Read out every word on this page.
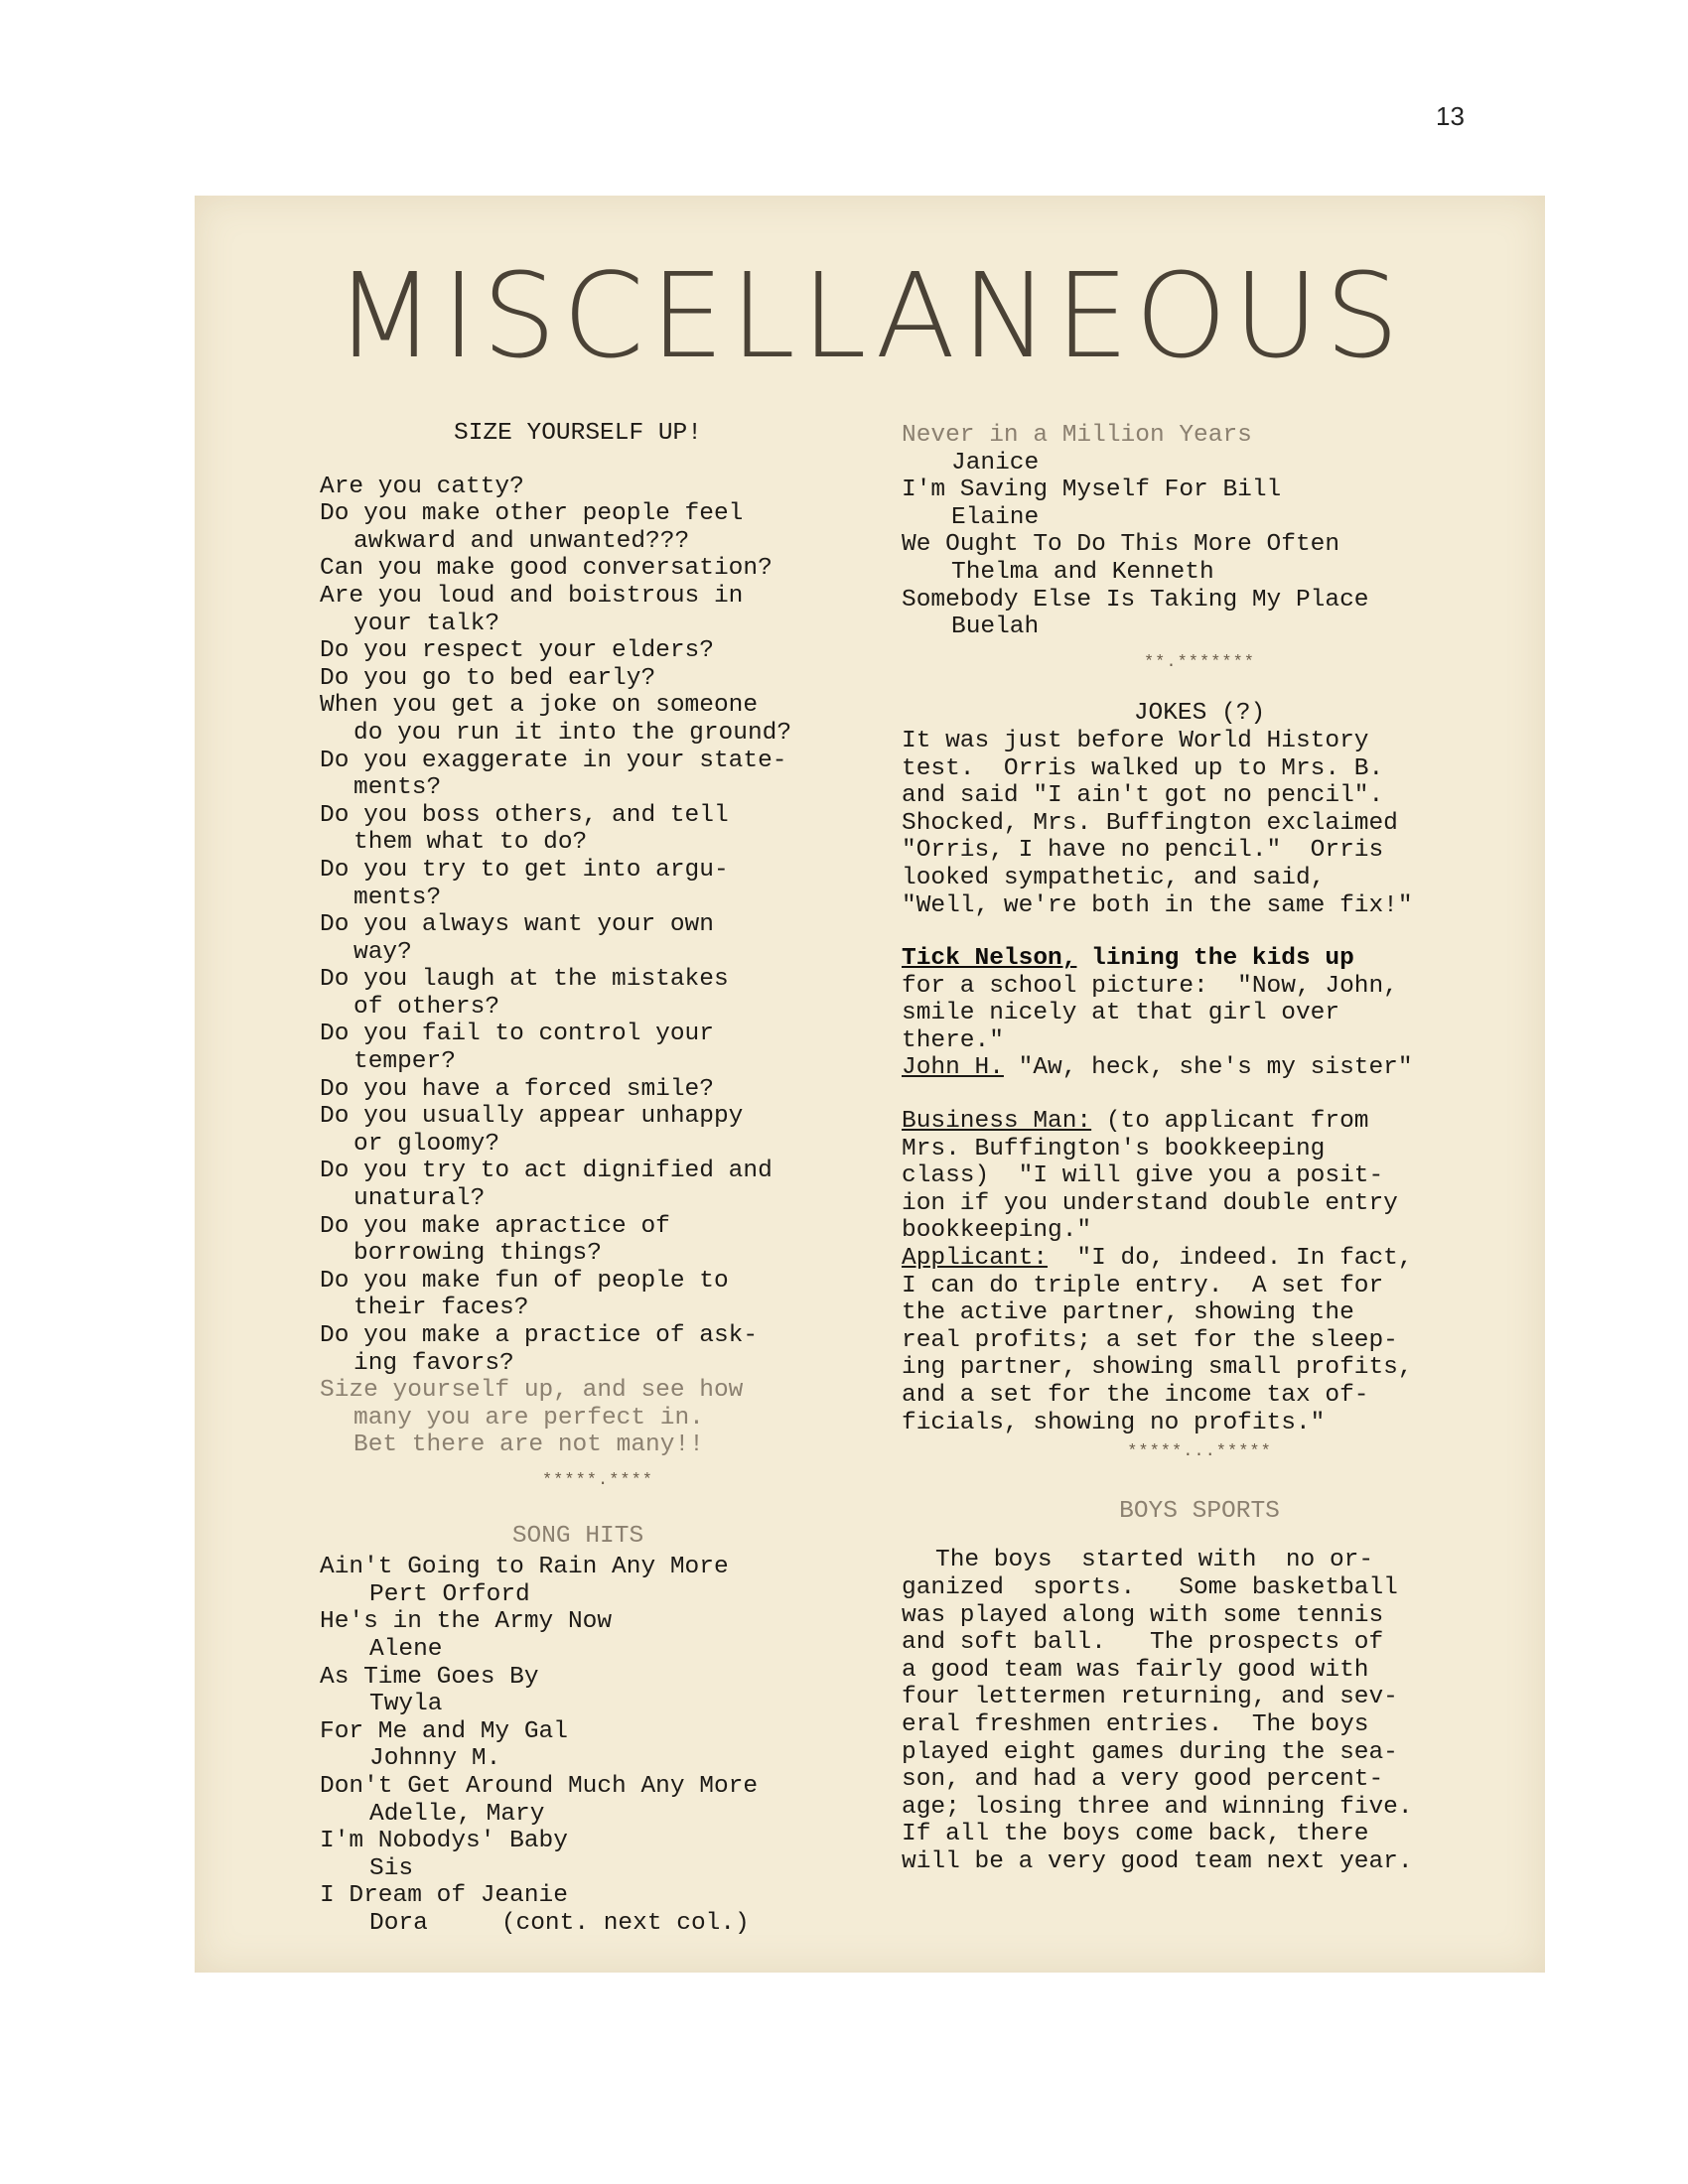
13
MISCELLANEOUS
SIZE YOURSELF UP!
Are you catty?
Do you make other people feel
awkward and unwanted???
Can you make good conversation?
Are you loud and boistrous in
your talk?
Do you respect your elders?
Do you go to bed early?
When you get a joke on someone
do you run it into the ground?
Do you exaggerate in your state-
ments?
Do you boss others, and tell
them what to do?
Do you try to get into argu-
ments?
Do you always want your own
way?
Do you laugh at the mistakes
of others?
Do you fail to control your
temper?
Do you have a forced smile?
Do you usually appear unhappy
or gloomy?
Do you try to act dignified and
unatural?
Do you make apractice of
borrowing things?
Do you make fun of people to
their faces?
Do you make a practice of ask-
ing favors?
Size yourself up, and see how
many you are perfect in.
Bet there are not many!!
*****.****
SONG HITS
Ain't Going to Rain Any More
Pert Orford
He's in the Army Now
Alene
As Time Goes By
Twyla
For Me and My Gal
Johnny M.
Don't Get Around Much Any More
Adelle, Mary
I'm Nobodys' Baby
Sis
I Dream of Jeanie
Dora	(cont. next col.)
Never in a Million Years
Janice
I'm Saving Myself For Bill
Elaine
We Ought To Do This More Often
Thelma and Kenneth
Somebody Else Is Taking My Place
Buelah
**.*******
JOKES (?)
It was just before World History
test.  Orris walked up to Mrs. B.
and said "I ain't got no pencil".
Shocked, Mrs. Buffington exclaimed
"Orris, I have no pencil."  Orris
looked sympathetic, and said,
"Well, we're both in the same fix!"
Tick Nelson, lining the kids up
for a school picture:  "Now, John,
smile nicely at that girl over
there."
John H. "Aw, heck, she's my sister"
Business Man: (to applicant from
Mrs. Buffington's bookkeeping
class)  "I will give you a posit-
ion if you understand double entry
bookkeeping."
Applicant:  "I do, indeed. In fact,
I can do triple entry.  A set for
the active partner, showing the
real profits; a set for the sleep-
ing partner, showing small profits,
and a set for the income tax of-
ficials, showing no profits."
*****...*****
BOYS SPORTS
The boys  started with  no or-
ganized  sports.   Some basketball
was played along with some tennis
and soft ball.   The prospects of
a good team was fairly good with
four lettermen returning, and sev-
eral freshmen entries.  The boys
played eight games during the sea-
son, and had a very good percent-
age; losing three and winning five.
If all the boys come back, there
will be a very good team next year.
